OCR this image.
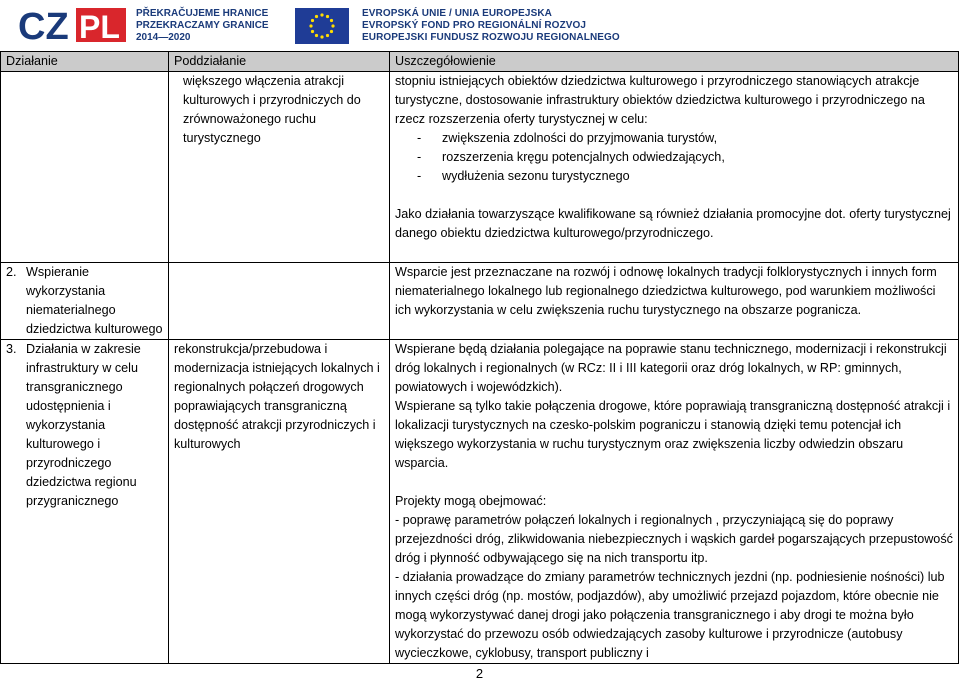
CZ PL PŘEKRAČUJEME HRANICE
PRZEKRACZAMY GRANICE
2014—2020
EVROPSKÁ UNIE / UNIA EUROPEJSKA
EVROPSKÝ FOND PRO REGIONÁLNÍ ROZVOJ
EUROPEJSKI FUNDUSZ ROZWOJU REGIONALNEGO
Działanie	Poddziałanie	Uszczegółowienie

	większego włączenia atrakcji kulturowych i przyrodniczych do zrównoważonego ruchu turystycznego	stopniu istniejących obiektów dziedzictwa kulturowego i przyrodniczego stanowiących atrakcje turystyczne, dostosowanie infrastruktury obiektów dziedzictwa kulturowego i przyrodniczego na rzecz rozszerzenia oferty turystycznej w celu:

- zwiększenia zdolności do przyjmowania turystów,

- rozszerzenia kręgu potencjalnych odwiedzających,

- wydłużenia sezonu turystycznego

Jako działania towarzyszące kwalifikowane są również działania promocyjne dot. oferty turystycznej danego obiektu dziedzictwa kulturowego/przyrodniczego.

2. Wspieranie wykorzystania niematerialnego dziedzictwa kulturowego		Wsparcie jest przeznaczane na rozwój i odnowę lokalnych tradycji folklorystycznych i innych form niematerialnego lokalnego lub regionalnego dziedzictwa kulturowego, pod warunkiem możliwości ich wykorzystania w celu zwiększenia ruchu turystycznego na obszarze pogranicza.

3. Działania w zakresie infrastruktury w celu transgranicznego udostępnienia i wykorzystania kulturowego i przyrodniczego dziedzictwa regionu przygranicznego	rekonstrukcja/przebudowa i modernizacja istniejących lokalnych i regionalnych połączeń drogowych poprawiających transgraniczną dostępność atrakcji przyrodniczych i kulturowych	Wspierane będą działania polegające na poprawie stanu technicznego, modernizacji i rekonstrukcji dróg lokalnych i regionalnych (w RCz: II i III kategorii oraz dróg lokalnych, w RP: gminnych, powiatowych i wojewódzkich).

Wspierane są tylko takie połączenia drogowe, które poprawiają transgraniczną dostępność atrakcji i lokalizacji turystycznych na czesko-polskim pograniczu i stanowią dzięki temu potencjał ich większego wykorzystania w ruchu turystycznym oraz zwiększenia liczby odwiedzin obszaru wsparcia.

Projekty mogą obejmować:

- poprawę parametrów połączeń lokalnych i regionalnych , przyczyniającą się do poprawy przejezdności dróg, zlikwidowania niebezpiecznych i wąskich gardeł pogarszających przepustowość dróg i płynność odbywającego się na nich transportu itp.

- działania prowadzące do zmiany parametrów technicznych jezdni (np. podniesienie nośności) lub innych części dróg (np. mostów, podjazdów), aby umożliwić przejazd pojazdom, które obecnie nie mogą wykorzystywać danej drogi jako połączenia transgranicznego i aby drogi te można było wykorzystać do przewozu osób odwiedzających zasoby kulturowe i przyrodnicze (autobusy wycieczkowe, cyklobusy, transport publiczny i

2
